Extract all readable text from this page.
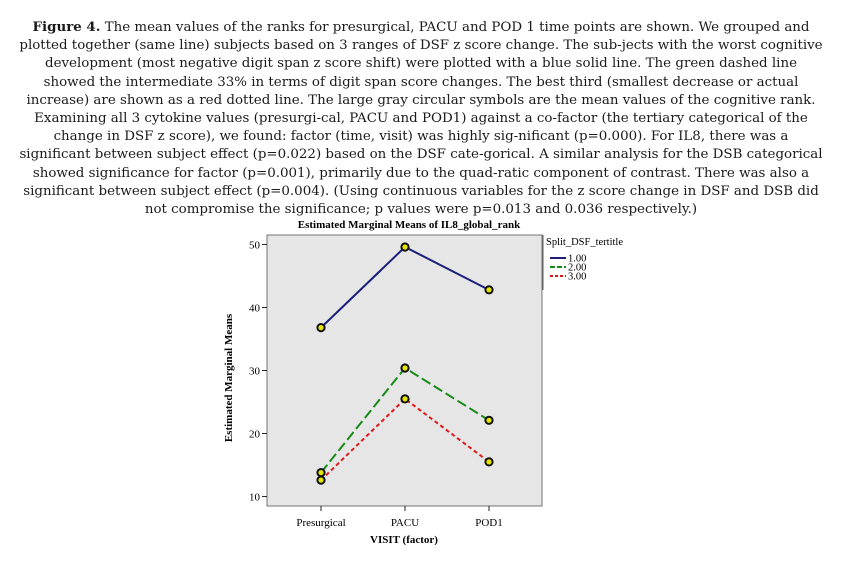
Figure 4. The mean values of the ranks for presurgical, PACU and POD 1 time points are shown. We grouped and plotted together (same line) subjects based on 3 ranges of DSF z score change. The sub-jects with the worst cognitive development (most negative digit span z score shift) were plotted with a blue solid line. The green dashed line showed the intermediate 33% in terms of digit span score changes. The best third (smallest decrease or actual increase) are shown as a red dotted line. The large gray circular symbols are the mean values of the cognitive rank. Examining all 3 cytokine values (presurgi-cal, PACU and POD1) against a co-factor (the tertiary categorical of the change in DSF z score), we found: factor (time, visit) was highly sig-nificant (p=0.000). For IL8, there was a significant between subject effect (p=0.022) based on the DSF cate-gorical. A similar analysis for the DSB categorical showed significance for factor (p=0.001), primarily due to the quad-ratic component of contrast. There was also a significant between subject effect (p=0.004). (Using continuous variables for the z score change in DSF and DSB did not compromise the significance; p values were p=0.013 and 0.036 respectively.)

Estimated Marginal Means of IL8_global_rank
10
20
30
40
50
Presurgical	PACU	POD1
Estimated Marginal Means
VISIT (factor)
Split_DSF_tertitle
1.00
2.00
3.00
